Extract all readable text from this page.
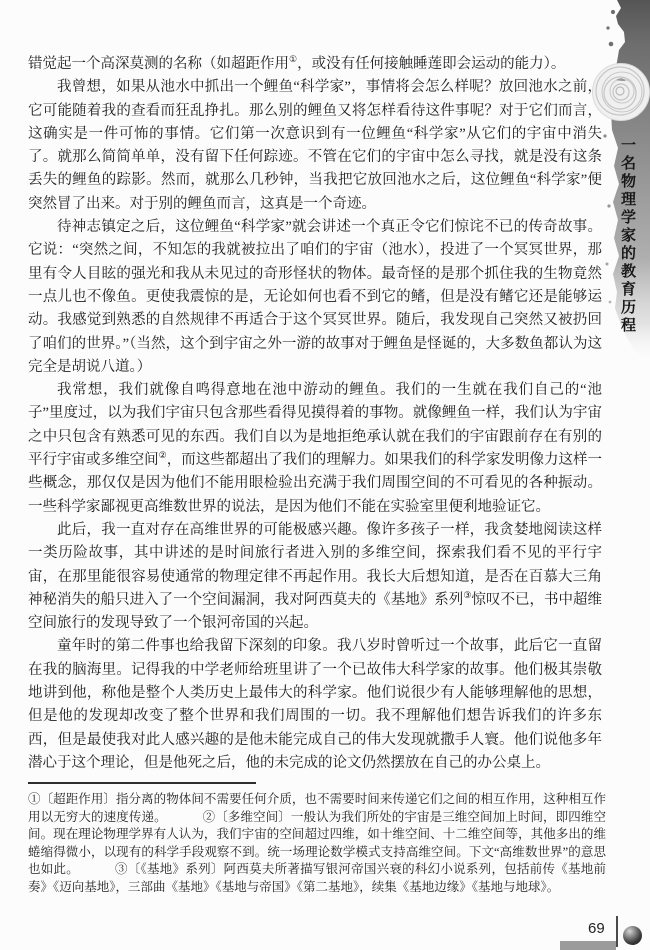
一名物理学家的教育历程

错觉起一个高深莫测的名称（如超距作用①，或没有任何接触睡莲即会运动的能力）。

我曾想，如果从池水中抓出一个鲤鱼“科学家”，事情将会怎么样呢？放回池水之前，它可能随着我的查看而狂乱挣扎。那么别的鲤鱼又将怎样看待这件事呢？对于它们而言，这确实是一件可怖的事情。它们第一次意识到有一位鲤鱼“科学家”从它们的宇宙中消失了。就那么简简单单，没有留下任何踪迹。不管在它们的宇宙中怎么寻找，就是没有这条丢失的鲤鱼的踪影。然而，就那么几秒钟，当我把它放回池水之后，这位鲤鱼“科学家”便突然冒了出来。对于别的鲤鱼而言，这真是一个奇迹。

待神志镇定之后，这位鲤鱼“科学家”就会讲述一个真正令它们惊诧不已的传奇故事。它说：“突然之间，不知怎的我就被拉出了咱们的宇宙（池水），投进了一个冥冥世界，那里有令人目眩的强光和我从未见过的奇形怪状的物体。最奇怪的是那个抓住我的生物竟然一点儿也不像鱼。更使我震惊的是，无论如何也看不到它的鳍，但是没有鳍它还是能够运动。我感觉到熟悉的自然规律不再适合于这个冥冥世界。随后，我发现自己突然又被扔回了咱们的世界。”（当然，这个到宇宙之外一游的故事对于鲤鱼是怪诞的，大多数鱼都认为这完全是胡说八道。）

我常想，我们就像自鸣得意地在池中游动的鲤鱼。我们的一生就在我们自己的“池子”里度过，以为我们宇宙只包含那些看得见摸得着的事物。就像鲤鱼一样，我们认为宇宙之中只包含有熟悉可见的东西。我们自以为是地拒绝承认就在我们的宇宙跟前存在有别的平行宇宙或多维空间②，而这些都超出了我们的理解力。如果我们的科学家发明像力这样一些概念，那仅仅是因为他们不能用眼检验出充满于我们周围空间的不可看见的各种振动。一些科学家鄙视更高维数世界的说法，是因为他们不能在实验室里便利地验证它。

此后，我一直对存在高维世界的可能极感兴趣。像许多孩子一样，我贪婪地阅读这样一类历险故事，其中讲述的是时间旅行者进入别的多维空间，探索我们看不见的平行宇宙，在那里能很容易使通常的物理定律不再起作用。我长大后想知道，是否在百慕大三角神秘消失的船只进入了一个空间漏洞，我对阿西莫夫的《基地》系列③惊叹不已，书中超维空间旅行的发现导致了一个银河帝国的兴起。

童年时的第二件事也给我留下深刻的印象。我八岁时曾听过一个故事，此后它一直留在我的脑海里。记得我的中学老师给班里讲了一个已故伟大科学家的故事。他们极其崇敬地讲到他，称他是整个人类历史上最伟大的科学家。他们说很少有人能够理解他的思想，但是他的发现却改变了整个世界和我们周围的一切。我不理解他们想告诉我们的许多东西，但是最使我对此人感兴趣的是他未能完成自己的伟大发现就撒手人寰。他们说他多年潜心于这个理论，但是他死之后，他的未完成的论文仍然摆放在自己的办公桌上。

①〔超距作用〕指分离的物体间不需要任何介质，也不需要时间来传递它们之间的相互作用，这种相互作用以无穷大的速度传递。	②〔多维空间〕一般认为我们所处的宇宙是三维空间加上时间，即四维空间。现在理论物理学界有人认为，我们宇宙的空间超过四维，如十维空间、十二维空间等，其他多出的维蜷缩得微小，以现有的科学手段观察不到。统一场理论数学模式支持高维空间。下文“高维数世界”的意思也如此。	③〔《基地》系列〕阿西莫夫所著描写银河帝国兴衰的科幻小说系列，包括前传《基地前奏》《迈向基地》，三部曲《基地》《基地与帝国》《第二基地》，续集《基地边缘》《基地与地球》。
69
